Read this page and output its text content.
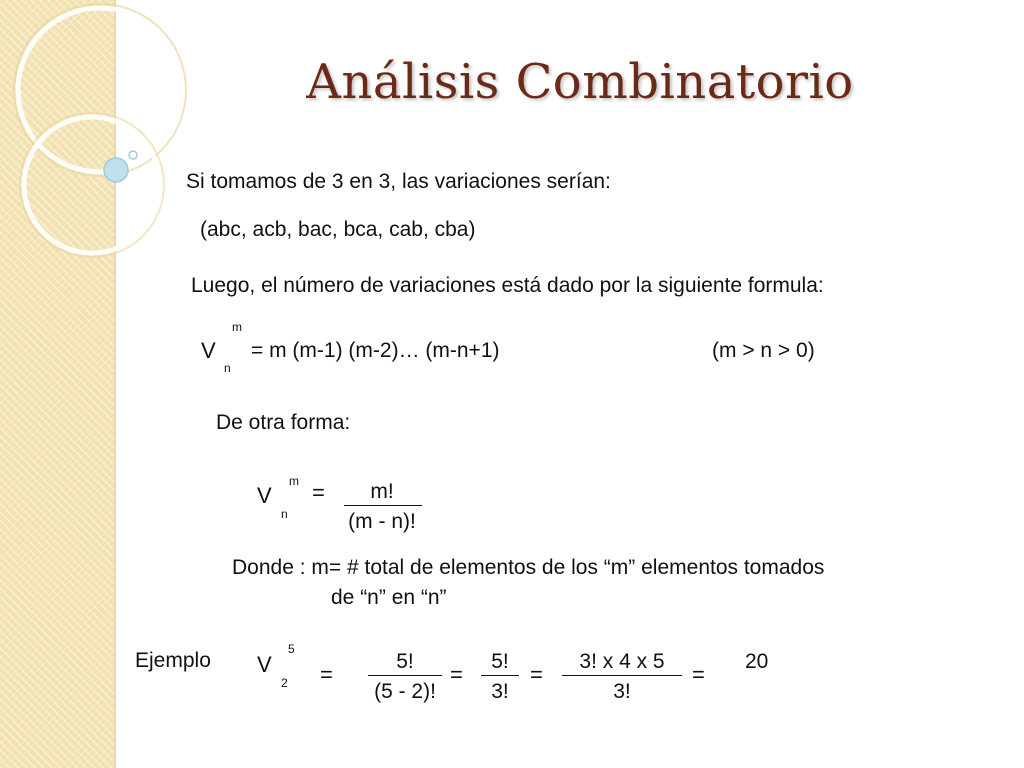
Análisis Combinatorio
Si tomamos de 3 en 3, las variaciones serían:
(abc, acb, bac, bca, cab, cba)
Luego, el número de variaciones está dado por la siguiente formula:
V
m
n
= m (m-1) (m-2)… (m-n+1)	(m > n > 0)
De otra forma:
V
m
n
=	m!
(m - n)!
Donde : m= # total de elementos de los “m” elementos tomados
de “n” en “n”
Ejemplo V
5
2 =
5!
(5 - 2)!
=
5!
3!
=
3! x 4 x 5
3!
=
20
